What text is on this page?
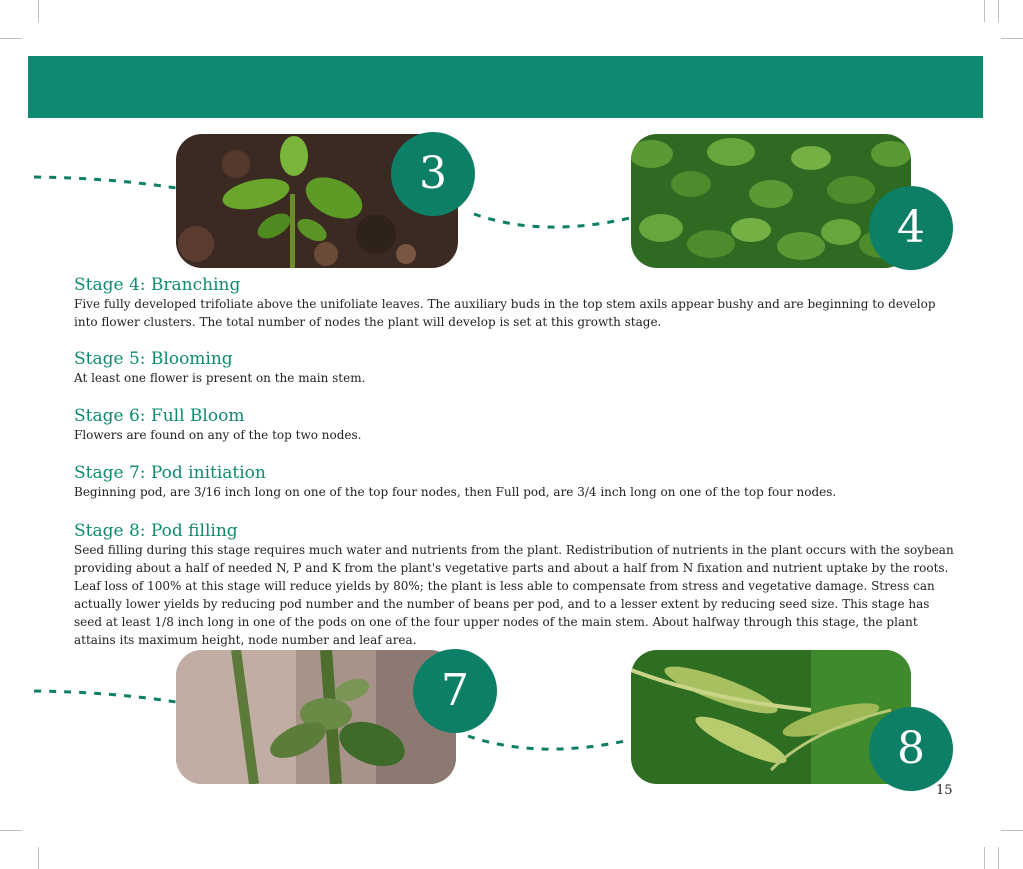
3
4
Stage 4: Branching

Five fully developed trifoliate above the unifoliate leaves. The auxiliary buds in the top stem axils appear bushy and are beginning to develop into flower clusters. The total number of nodes the plant will develop is set at this growth stage.

Stage 5: Blooming

At least one flower is present on the main stem.

Stage 6: Full Bloom

Flowers are found on any of the top two nodes.

Stage 7: Pod initiation

Beginning pod, are 3/16 inch long on one of the top four nodes, then Full pod, are 3/4 inch long on one of the top four nodes.

Stage 8: Pod filling

Seed filling during this stage requires much water and nutrients from the plant. Redistribution of nutrients in the plant occurs with the soybean providing about a half of needed N, P and K from the plant's vegetative parts and about a half from N fixation and nutrient uptake by the roots. Leaf loss of 100% at this stage will reduce yields by 80%; the plant is less able to compensate from stress and vegetative damage. Stress can actually lower yields by reducing pod number and the number of beans per pod, and to a lesser extent by reducing seed size. This stage has seed at least 1/8 inch long in one of the pods on one of the four upper nodes of the main stem. About halfway through this stage, the plant attains its maximum height, node number and leaf area.

7
8
15
